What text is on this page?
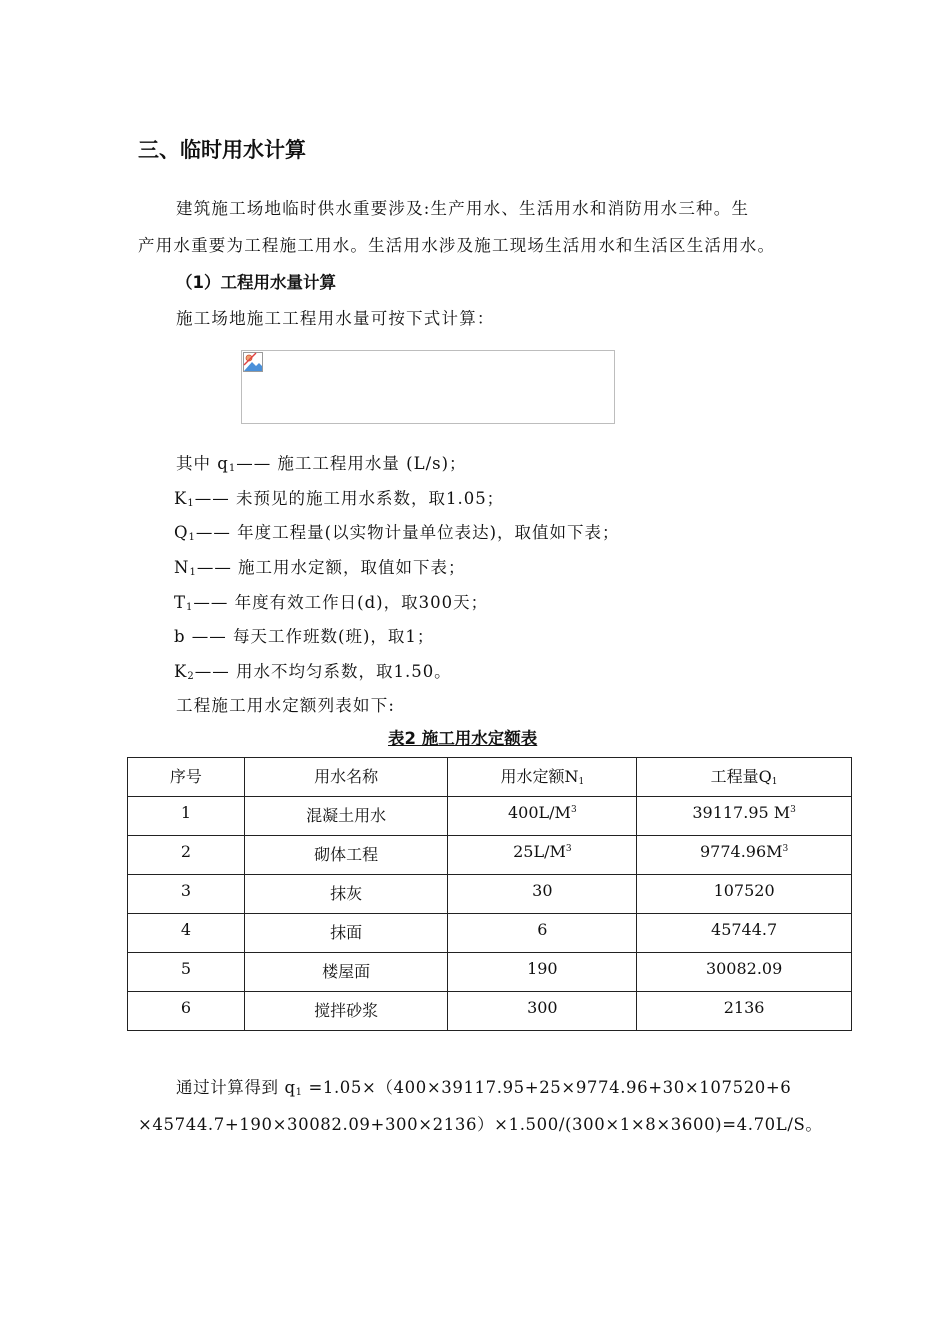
三、临时用水计算
建筑施工场地临时供水重要涉及:生产用水、生活用水和消防用水三种。生
产用水重要为工程施工用水。生活用水涉及施工现场生活用水和生活区生活用水。
（1）工程用水量计算
施工场地施工工程用水量可按下式计算：
其中 $q_1——$ 施工工程用水量 (L/s)；
$K_1——$ 未预见的施工用水系数，取1.05；
$Q_1——$ 年度工程量(以实物计量单位表达)，取值如下表；
$N_1——$ 施工用水定额，取值如下表；
$T_1——$ 年度有效工作日(d)，取300天；
b —— 每天工作班数(班)，取1；
$K_2——$ 用水不均匀系数，取1.50。
工程施工用水定额列表如下:
表2 施工用水定额表
序号	用水名称	用水定额$N_1$	工程量$Q_1$
1	混凝土用水	$400L/M^3$	39117.95 $M^3$
2	砌体工程	$25L/M^3$	$9774.96M^3$
3	抹灰	30	107520
4	抹面	6	45744.7
5	楼屋面	190	30082.09
6	搅拌砂浆	300	2136
通过计算得到 $q_1 =1.05\times(400\times 39117.95+25\times 9774.96+30\times 107520+6$
×45744.7+190×30082.09+300×2136）×1.500/(300×1×8×3600)=4.70L/S。
